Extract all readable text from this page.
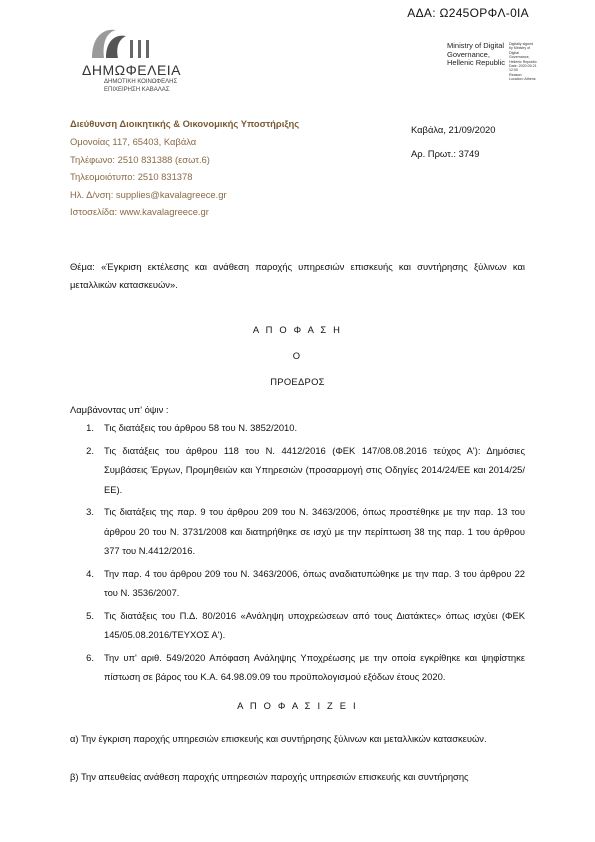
ΑΔΑ: Ω245ΟΡΦΛ-0ΙΑ
ΔΗΜΩΦΕΛΕΙΑ
ΔΗΜΟΤΙΚΗ ΚΟΙΝΩΦΕΛΗΣ
ΕΠΙΧΕΙΡΗΣΗ ΚΑΒΑΛΑΣ
Ministry of Digital
Governance,
Hellenic Republic
Digitally signed
by Ministry of
Digital
Governance,
Hellenic Republic
Date: 2020.09.21
12:00
Reason:
Location: Athens
Διεύθυνση Διοικητικής & Οικονομικής Υποστήριξης
Ομονοίας 117, 65403, Καβάλα
Τηλέφωνο: 2510 831388 (εσωτ.6)
Τηλεομοιότυπο: 2510 831378
Ηλ. Δ/νση: supplies@kavalagreece.gr
Ιστοσελίδα: www.kavalagreece.gr
Καβάλα, 21/09/2020
Αρ. Πρωτ.: 3749
Θέμα: «Έγκριση εκτέλεσης και ανάθεση παροχής υπηρεσιών επισκευής και συντήρησης ξύλινων και μεταλλικών κατασκευών».
Α Π Ο Φ Α Σ Η
Ο
ΠΡΟΕΔΡΟΣ
Λαμβάνοντας υπ' όψιν :
1.	Τις διατάξεις του άρθρου 58 του Ν. 3852/2010.
2.	Τις διατάξεις του άρθρου 118 του Ν. 4412/2016 (ΦΕΚ 147/08.08.2016 τεύχος Α'): Δημόσιες Συμβάσεις Έργων, Προμηθειών και Υπηρεσιών (προσαρμογή στις Οδηγίες 2014/24/ΕΕ και 2014/25/ΕΕ).
3.	Τις διατάξεις της παρ. 9 του άρθρου 209 του Ν. 3463/2006, όπως προστέθηκε με την παρ. 13 του άρθρου 20 του Ν. 3731/2008 και διατηρήθηκε σε ισχύ με την περίπτωση 38 της παρ. 1 του άρθρου 377 του Ν.4412/2016.
4.	Την παρ. 4 του άρθρου 209 του Ν. 3463/2006, όπως αναδιατυπώθηκε με την παρ. 3 του άρθρου 22 του Ν. 3536/2007.
5.	Τις διατάξεις του Π.Δ. 80/2016 «Ανάληψη υποχρεώσεων από τους Διατάκτες» όπως ισχύει (ΦΕΚ 145/05.08.2016/ΤΕΥΧΟΣ Α').
6.	Την υπ' αριθ. 549/2020 Απόφαση Ανάληψης Υποχρέωσης με την οποία εγκρίθηκε και ψηφίστηκε πίστωση σε βάρος του Κ.Α. 64.98.09.09 του προϋπολογισμού εξόδων έτους 2020.
Α Π Ο Φ Α Σ Ι Ζ Ε Ι
α) Την έγκριση παροχής υπηρεσιών επισκευής και συντήρησης ξύλινων και μεταλλικών κατασκευών.
β) Την απευθείας ανάθεση παροχής υπηρεσιών παροχής υπηρεσιών επισκευής και συντήρησης
